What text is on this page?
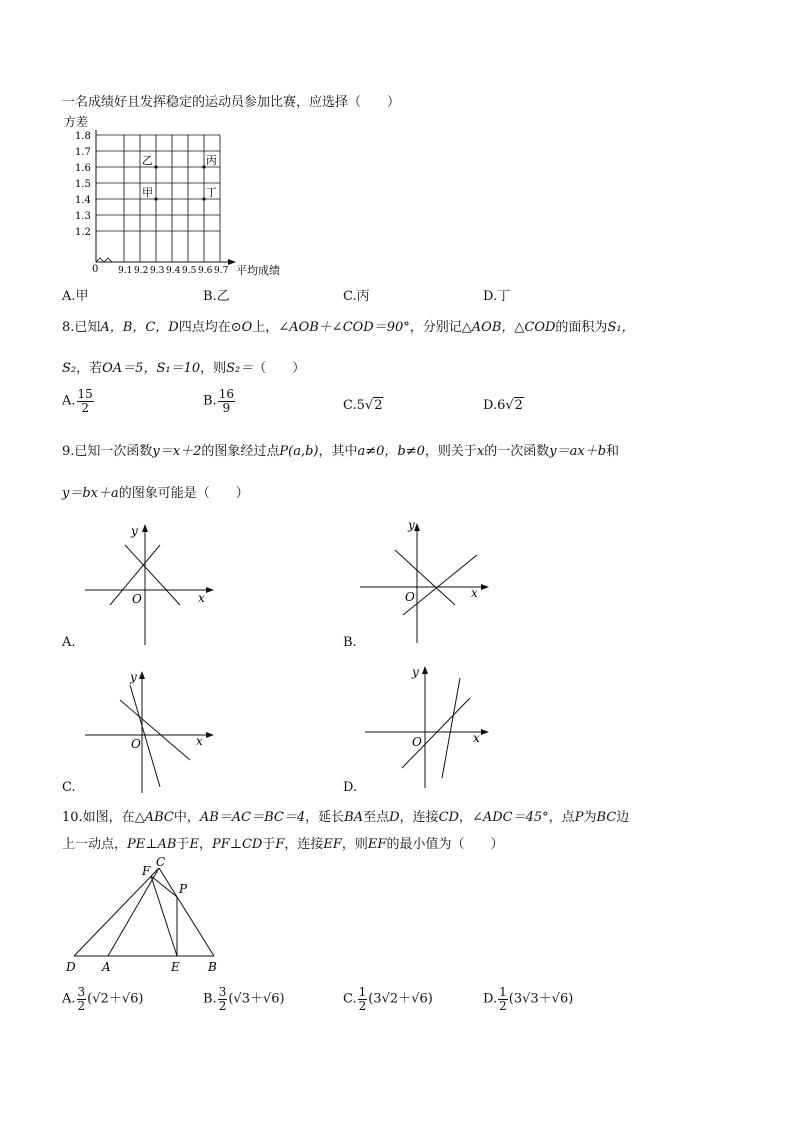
一名成绩好且发挥稳定的运动员参加比赛，应选择（　　）
9.1 9.2 9.3 9.4 9.5 9.6 9.7
1.2
1.3
1.4
1.5
1.6
1.7
1.8
乙	丙
甲	丁
方差
平均成绩
0
A.甲	B.乙	C.丙	D.丁
8.已知A，B，C，D四点均在⊙O上，∠AOB＋∠COD＝90°，分别记△AOB，△COD的面积为S₁，
S₂，若OA＝5，S₁＝10，则S₂＝（　　）
A. $\frac{15}{2}$	B. $\frac{16}{9}$	C.5√2	D.6√2
9.已知一次函数y＝x＋2的图象经过点P(a,b)，其中a≠0，b≠0，则关于x的一次函数y＝ax＋b和
y＝bx＋a的图象可能是（　　）
y
x
O
A.
y
x
O
B.
y
x
O
C.
y
x
O
D.
10.如图，在△ABC中，AB＝AC＝BC＝4，延长BA至点D，连接CD，∠ADC＝45°，点P为BC边
上一动点，PE⊥AB于E，PF⊥CD于F，连接EF，则EF的最小值为（　　）
F
C
P
D A	E B
A. $\frac{3}{2} (√2+√6)$	B. $\frac{3}{2} (√3+√6)$	C. $\frac{1}{2} (3√2+√6)$	D. $\frac{1}{2} (3√3+√6)$
